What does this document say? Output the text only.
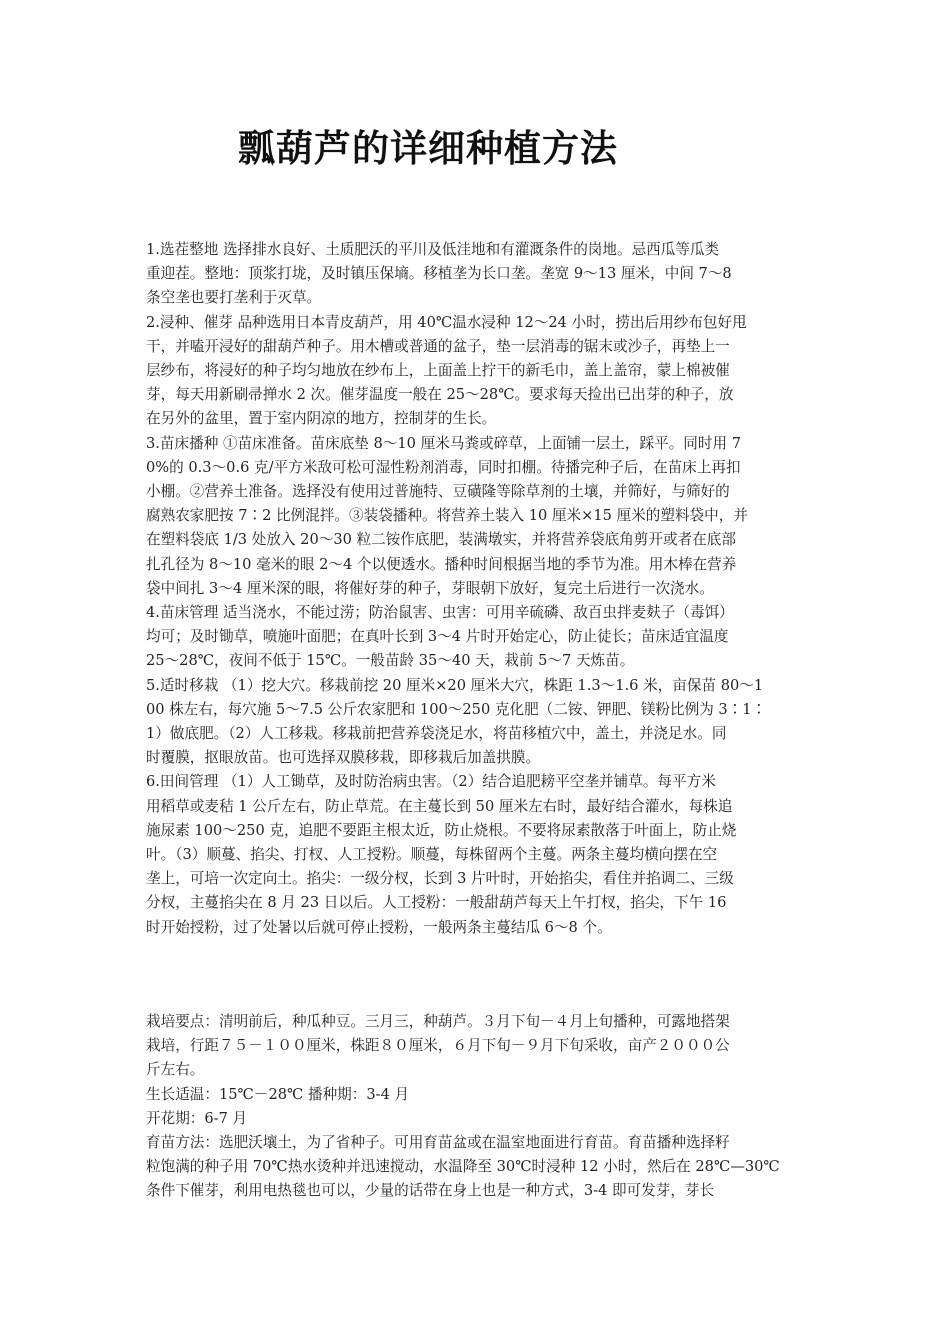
瓢葫芦的详细种植方法
1.选茬整地 选择排水良好、土质肥沃的平川及低洼地和有灌溉条件的岗地。忌西瓜等瓜类
重迎茬。整地：顶浆打垅，及时镇压保墒。移植垄为长口垄。垄宽 9～13 厘米，中间 7～8
条空垄也要打垄利于灭草。
2.浸种、催芽 品种选用日本青皮葫芦，用 40℃温水浸种 12～24 小时，捞出后用纱布包好甩
干，并嗑开浸好的甜葫芦种子。用木槽或普通的盆子，垫一层消毒的锯末或沙子，再垫上一
层纱布，将浸好的种子均匀地放在纱布上，上面盖上拧干的新毛巾，盖上盖帘，蒙上棉被催
芽，每天用新刷帚掸水 2 次。催芽温度一般在 25～28℃。要求每天捡出已出芽的种子，放
在另外的盆里，置于室内阴凉的地方，控制芽的生长。
3.苗床播种 ①苗床准备。苗床底垫 8～10 厘米马粪或碎草，上面铺一层土，踩平。同时用 7
0%的 0.3～0.6 克/平方米敌可松可湿性粉剂消毒，同时扣棚。待播完种子后，在苗床上再扣
小棚。②营养土准备。选择没有使用过普施特、豆磺隆等除草剂的土壤，并筛好，与筛好的
腐熟农家肥按 7∶2 比例混拌。③装袋播种。将营养土装入 10 厘米×15 厘米的塑料袋中，并
在塑料袋底 1/3 处放入 20～30 粒二铵作底肥，装满墩实，并将营养袋底角剪开或者在底部
扎孔径为 8～10 毫米的眼 2～4 个以便透水。播种时间根据当地的季节为准。用木棒在营养
袋中间扎 3～4 厘米深的眼，将催好芽的种子，芽眼朝下放好，复完土后进行一次浇水。
4.苗床管理 适当浇水，不能过涝；防治鼠害、虫害：可用辛硫磷、敌百虫拌麦麸子（毒饵）
均可；及时锄草，喷施叶面肥；在真叶长到 3～4 片时开始定心，防止徒长；苗床适宜温度
25～28℃，夜间不低于 15℃。一般苗龄 35～40 天，栽前 5～7 天炼苗。
5.适时移栽 （1）挖大穴。移栽前挖 20 厘米×20 厘米大穴，株距 1.3～1.6 米，亩保苗 80～1
00 株左右，每穴施 5～7.5 公斤农家肥和 100～250 克化肥（二铵、钾肥、镁粉比例为 3∶1∶
1）做底肥。（2）人工移栽。移栽前把营养袋浇足水，将苗移植穴中，盖土，并浇足水。同
时覆膜，抠眼放苗。也可选择双膜移栽，即移栽后加盖拱膜。
6.田间管理 （1）人工锄草，及时防治病虫害。（2）结合追肥耪平空垄并铺草。每平方米
用稻草或麦秸 1 公斤左右，防止草荒。在主蔓长到 50 厘米左右时，最好结合灌水，每株追
施尿素 100～250 克，追肥不要距主根太近，防止烧根。不要将尿素散落于叶面上，防止烧
叶。（3）顺蔓、掐尖、打杈、人工授粉。顺蔓，每株留两个主蔓。两条主蔓均横向摆在空
垄上，可培一次定向土。掐尖：一级分杈，长到 3 片叶时，开始掐尖，看住并掐调二、三级
分杈，主蔓掐尖在 8 月 23 日以后。人工授粉：一般甜葫芦每天上午打杈，掐尖，下午 16
时开始授粉，过了处暑以后就可停止授粉，一般两条主蔓结瓜 6～8 个。
栽培要点：清明前后，种瓜种豆。三月三，种葫芦。３月下旬－４月上旬播种，可露地搭架
栽培，行距７５－１００厘米，株距８０厘米，６月下旬－９月下旬采收，亩产２０００公
斤左右。
生长适温：15℃－28℃ 播种期：3-4 月
开花期：6-7 月
育苗方法：选肥沃壤土，为了省种子。可用育苗盆或在温室地面进行育苗。育苗播种选择籽
粒饱满的种子用 70℃热水烫种并迅速搅动，水温降至 30℃时浸种 12 小时，然后在 28℃—30℃
条件下催芽，利用电热毯也可以，少量的话带在身上也是一种方式，3-4 即可发芽，芽长
